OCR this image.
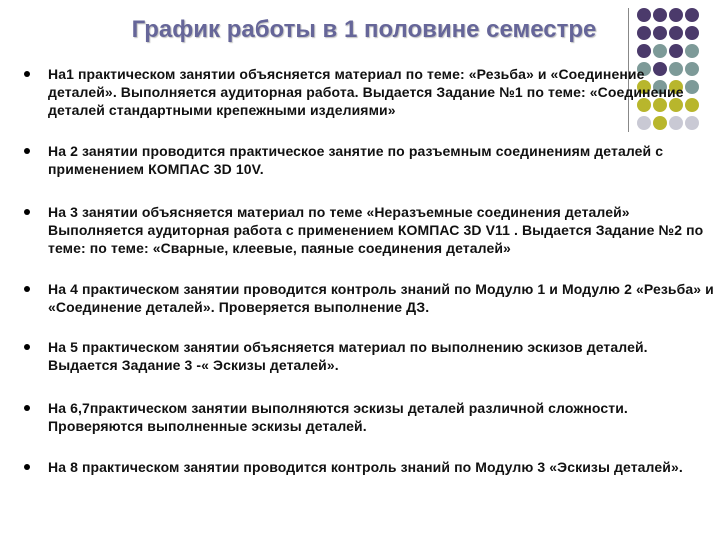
График работы в 1 половине семестре
На1 практическом занятии объясняется материал по теме: «Резьба» и «Соединение деталей». Выполняется аудиторная работа. Выдается Задание №1 по теме: «Соединение деталей стандартными крепежными изделиями»
На 2 занятии проводится практическое занятие по разъемным соединениям деталей с применением КОМПАС 3D 10V.
На 3 занятии объясняется материал по теме «Неразъемные соединения деталей» Выполняется аудиторная работа с применением КОМПАС 3D V11 . Выдается Задание №2 по теме: по теме: «Сварные, клеевые, паяные соединения деталей»
На 4 практическом занятии проводится контроль знаний по Модулю 1 и Модулю 2 «Резьба» и «Соединение деталей». Проверяется выполнение ДЗ.
На 5 практическом занятии объясняется материал по выполнению эскизов деталей. Выдается Задание 3 -« Эскизы деталей».
На 6,7практическом занятии выполняются эскизы деталей различной сложности. Проверяются выполненные эскизы деталей.
На 8 практическом занятии проводится контроль знаний по Модулю 3 «Эскизы деталей».
